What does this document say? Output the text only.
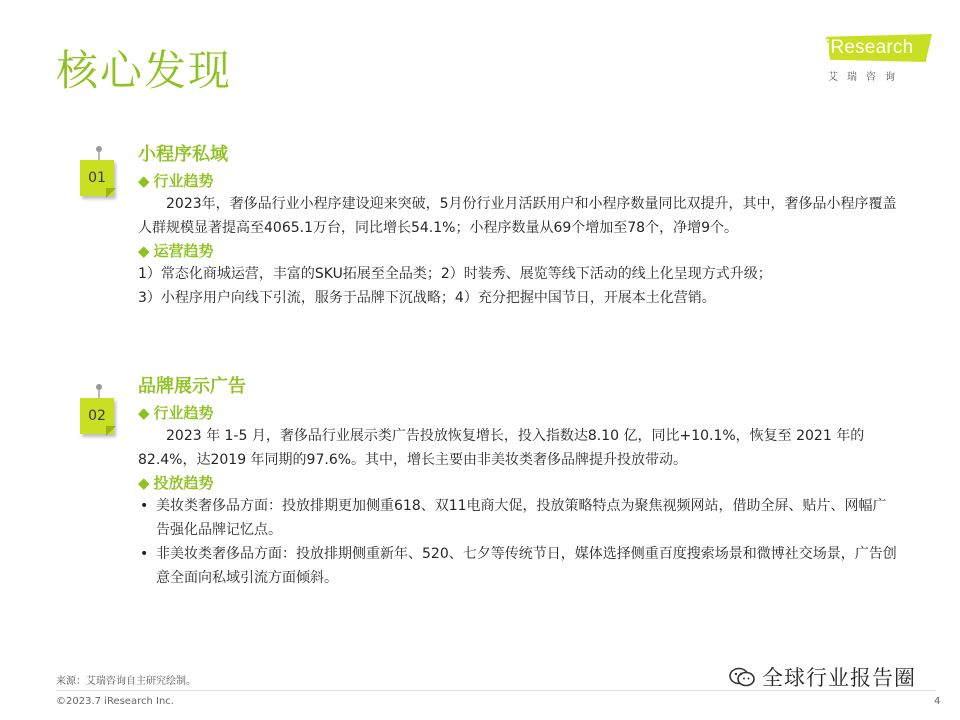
核心发现	iResearch
艾瑞咨询
01
小程序私域
◆ 行业趋势
2023年，奢侈品行业小程序建设迎来突破，5月份行业月活跃用户和小程序数量同比双提升，其中，奢侈品小程序覆盖人群规模显著提高至4065.1万台，同比增长54.1%；小程序数量从69个增加至78个，净增9个。
◆ 运营趋势
1）常态化商城运营，丰富的SKU拓展至全品类；2）时装秀、展览等线下活动的线上化呈现方式升级；
3）小程序用户向线下引流，服务于品牌下沉战略；4）充分把握中国节日，开展本土化营销。
02
品牌展示广告
◆ 行业趋势
2023 年 1-5 月，奢侈品行业展示类广告投放恢复增长，投入指数达8.10 亿，同比+10.1%，恢复至 2021 年的 82.4%，达2019 年同期的97.6%。其中，增长主要由非美妆类奢侈品牌提升投放带动。
◆ 投放趋势
• 美妆类奢侈品方面：投放排期更加侧重618、双11电商大促，投放策略特点为聚焦视频网站，借助全屏、贴片、网幅广告强化品牌记忆点。
• 非美妆类奢侈品方面：投放排期侧重新年、520、七夕等传统节日，媒体选择侧重百度搜索场景和微博社交场景，广告创意全面向私域引流方面倾斜。
来源：艾瑞咨询自主研究绘制。
©2023.7 iResearch Inc.	4
全球行业报告圈
